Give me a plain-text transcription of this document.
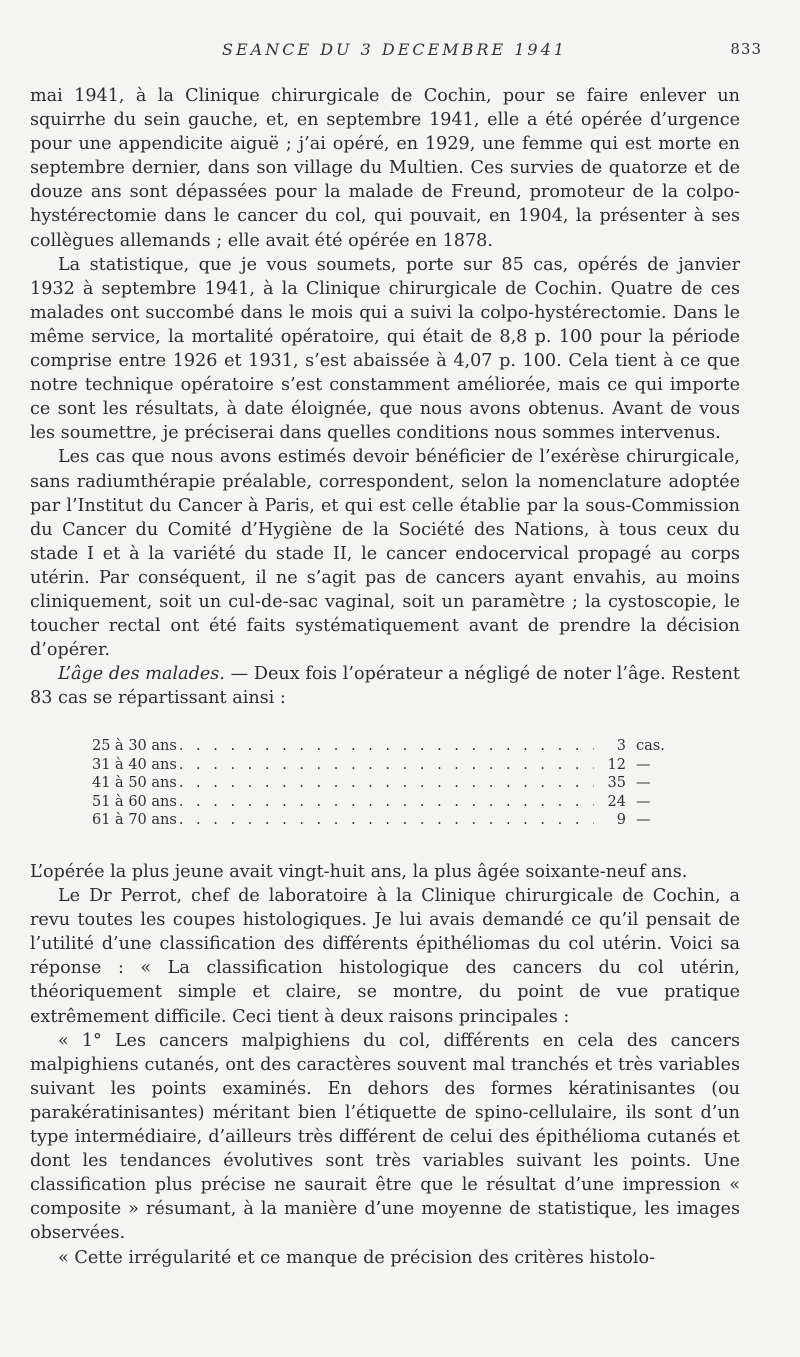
SEANCE DU 3 DECEMBRE 1941	833

mai 1941, à la Clinique chirurgicale de Cochin, pour se faire enlever un squirrhe du sein gauche, et, en septembre 1941, elle a été opérée d’urgence pour une appendicite aiguë ; j’ai opéré, en 1929, une femme qui est morte en septembre dernier, dans son village du Multien. Ces survies de quatorze et de douze ans sont dépassées pour la malade de Freund, promoteur de la colpo-hystérectomie dans le cancer du col, qui pouvait, en 1904, la présenter à ses collègues allemands ; elle avait été opérée en 1878.

La statistique, que je vous soumets, porte sur 85 cas, opérés de janvier 1932 à septembre 1941, à la Clinique chirurgicale de Cochin. Quatre de ces malades ont succombé dans le mois qui a suivi la colpo-hystérectomie. Dans le même service, la mortalité opératoire, qui était de 8,8 p. 100 pour la période comprise entre 1926 et 1931, s’est abaissée à 4,07 p. 100. Cela tient à ce que notre technique opératoire s’est constamment améliorée, mais ce qui importe ce sont les résultats, à date éloignée, que nous avons obtenus. Avant de vous les soumettre, je préciserai dans quelles conditions nous sommes intervenus.

Les cas que nous avons estimés devoir bénéficier de l’exérèse chirurgicale, sans radiumthérapie préalable, correspondent, selon la nomenclature adoptée par l’Institut du Cancer à Paris, et qui est celle établie par la sous-Commission du Cancer du Comité d’Hygiène de la Société des Nations, à tous ceux du stade I et à la variété du stade II, le cancer endocervical propagé au corps utérin. Par conséquent, il ne s’agit pas de cancers ayant envahis, au moins cliniquement, soit un cul-de-sac vaginal, soit un paramètre ; la cystoscopie, le toucher rectal ont été faits systématiquement avant de prendre la décision d’opérer.

L’âge des malades. — Deux fois l’opérateur a négligé de noter l’âge. Restent 83 cas se répartissant ainsi :

25 à 30 ans . . .	3 cas.
31 à 40 ans . . .	12 —
41 à 50 ans . . .	35 —
51 à 60 ans . . .	24 —
61 à 70 ans . . .	9 —

L’opérée la plus jeune avait vingt-huit ans, la plus âgée soixante-neuf ans.

Le Dr Perrot, chef de laboratoire à la Clinique chirurgicale de Cochin, a revu toutes les coupes histologiques. Je lui avais demandé ce qu’il pensait de l’utilité d’une classification des différents épithéliomas du col utérin. Voici sa réponse : « La classification histologique des cancers du col utérin, théoriquement simple et claire, se montre, du point de vue pratique extrêmement difficile. Ceci tient à deux raisons principales :

« 1° Les cancers malpighiens du col, différents en cela des cancers malpighiens cutanés, ont des caractères souvent mal tranchés et très variables suivant les points examinés. En dehors des formes kératinisantes (ou parakératinisantes) méritant bien l’étiquette de spino-cellulaire, ils sont d’un type intermédiaire, d’ailleurs très différent de celui des épithélioma cutanés et dont les tendances évolutives sont très variables suivant les points. Une classification plus précise ne saurait être que le résultat d’une impression « composite » résumant, à la manière d’une moyenne de statistique, les images observées.

« Cette irrégularité et ce manque de précision des critères histolo-
